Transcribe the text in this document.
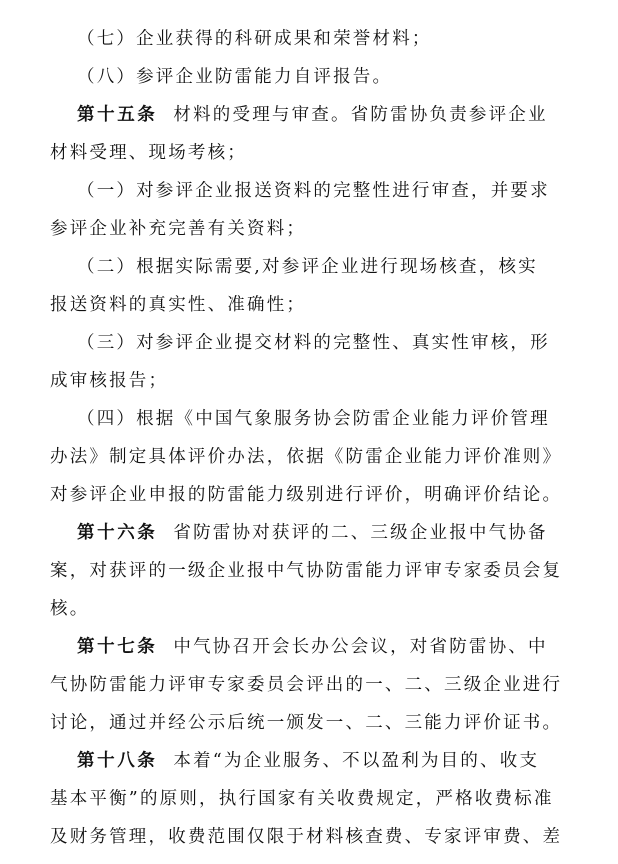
（七）企业获得的科研成果和荣誉材料；
（八）参评企业防雷能力自评报告。
第十五条 材料的受理与审查。省防雷协负责参评企业
材料受理、现场考核；
（一）对参评企业报送资料的完整性进行审查，并要求
参评企业补充完善有关资料；
（二）根据实际需要,对参评企业进行现场核查，核实
报送资料的真实性、准确性；
（三）对参评企业提交材料的完整性、真实性审核，形
成审核报告；
（四）根据《中国气象服务协会防雷企业能力评价管理
办法》制定具体评价办法，依据《防雷企业能力评价准则》
对参评企业申报的防雷能力级别进行评价，明确评价结论。
第十六条 省防雷协对获评的二、三级企业报中气协备
案，对获评的一级企业报中气协防雷能力评审专家委员会复
核。
第十七条 中气协召开会长办公会议，对省防雷协、中
气协防雷能力评审专家委员会评出的一、二、三级企业进行
讨论，通过并经公示后统一颁发一、二、三能力评价证书。
第十八条 本着“为企业服务、不以盈利为目的、收支
基本平衡”的原则，执行国家有关收费规定，严格收费标准
及财务管理，收费范围仅限于材料核查费、专家评审费、差
